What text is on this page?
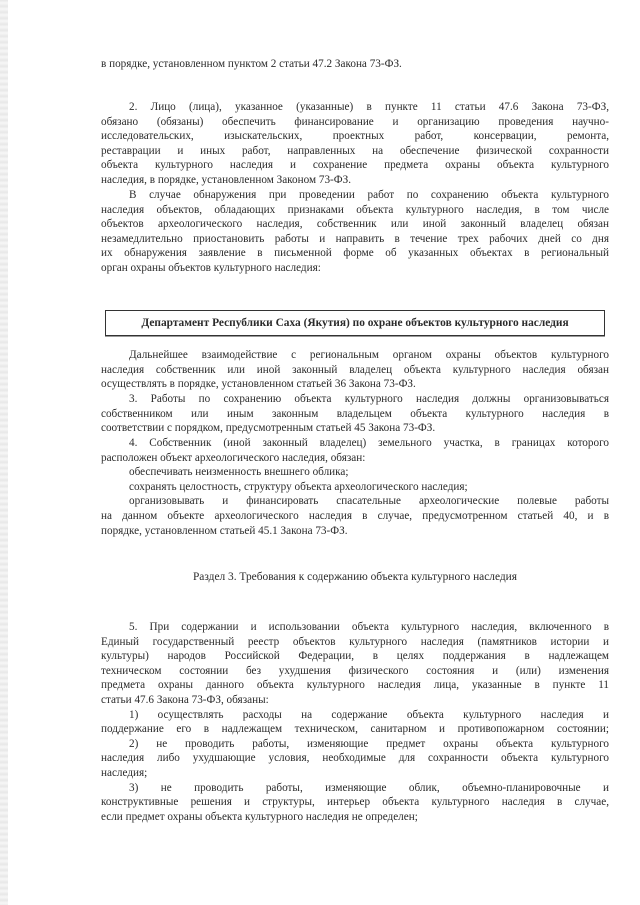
в порядке, установленном пунктом 2 статьи 47.2 Закона 73-ФЗ.
2. Лицо (лица), указанное (указанные) в пункте 11 статьи 47.6 Закона 73-ФЗ,
обязано (обязаны) обеспечить финансирование и организацию проведения научно-
исследовательских, изыскательских, проектных работ, консервации, ремонта,
реставрации и иных работ, направленных на обеспечение физической сохранности
объекта культурного наследия и сохранение предмета охраны объекта культурного
наследия, в порядке, установленном Законом 73-ФЗ.
В случае обнаружения при проведении работ по сохранению объекта культурного
наследия объектов, обладающих признаками объекта культурного наследия, в том числе
объектов археологического наследия, собственник или иной законный владелец обязан
незамедлительно приостановить работы и направить в течение трех рабочих дней со дня
их обнаружения заявление в письменной форме об указанных объектах в региональный
орган охраны объектов культурного наследия:
Департамент Республики Саха (Якутия) по охране объектов культурного наследия
Дальнейшее взаимодействие с региональным органом охраны объектов культурного
наследия собственник или иной законный владелец объекта культурного наследия обязан
осуществлять в порядке, установленном статьей 36 Закона 73-ФЗ.
3. Работы по сохранению объекта культурного наследия должны организовываться
собственником или иным законным владельцем объекта культурного наследия в
соответствии с порядком, предусмотренным статьей 45 Закона 73-ФЗ.
4. Собственник (иной законный владелец) земельного участка, в границах которого
расположен объект археологического наследия, обязан:
обеспечивать неизменность внешнего облика;
сохранять целостность, структуру объекта археологического наследия;
организовывать и финансировать спасательные археологические полевые работы
на данном объекте археологического наследия в случае, предусмотренном статьей 40, и в
порядке, установленном статьей 45.1 Закона 73-ФЗ.
Раздел 3. Требования к содержанию объекта культурного наследия
5. При содержании и использовании объекта культурного наследия, включенного в
Единый государственный реестр объектов культурного наследия (памятников истории и
культуры) народов Российской Федерации, в целях поддержания в надлежащем
техническом состоянии без ухудшения физического состояния и (или) изменения
предмета охраны данного объекта культурного наследия лица, указанные в пункте 11
статьи 47.6 Закона 73-ФЗ, обязаны:
1) осуществлять расходы на содержание объекта культурного наследия и
поддержание его в надлежащем техническом, санитарном и противопожарном состоянии;
2) не проводить работы, изменяющие предмет охраны объекта культурного
наследия либо ухудшающие условия, необходимые для сохранности объекта культурного
наследия;
3) не проводить работы, изменяющие облик, объемно-планировочные и
конструктивные решения и структуры, интерьер объекта культурного наследия в случае,
если предмет охраны объекта культурного наследия не определен;
